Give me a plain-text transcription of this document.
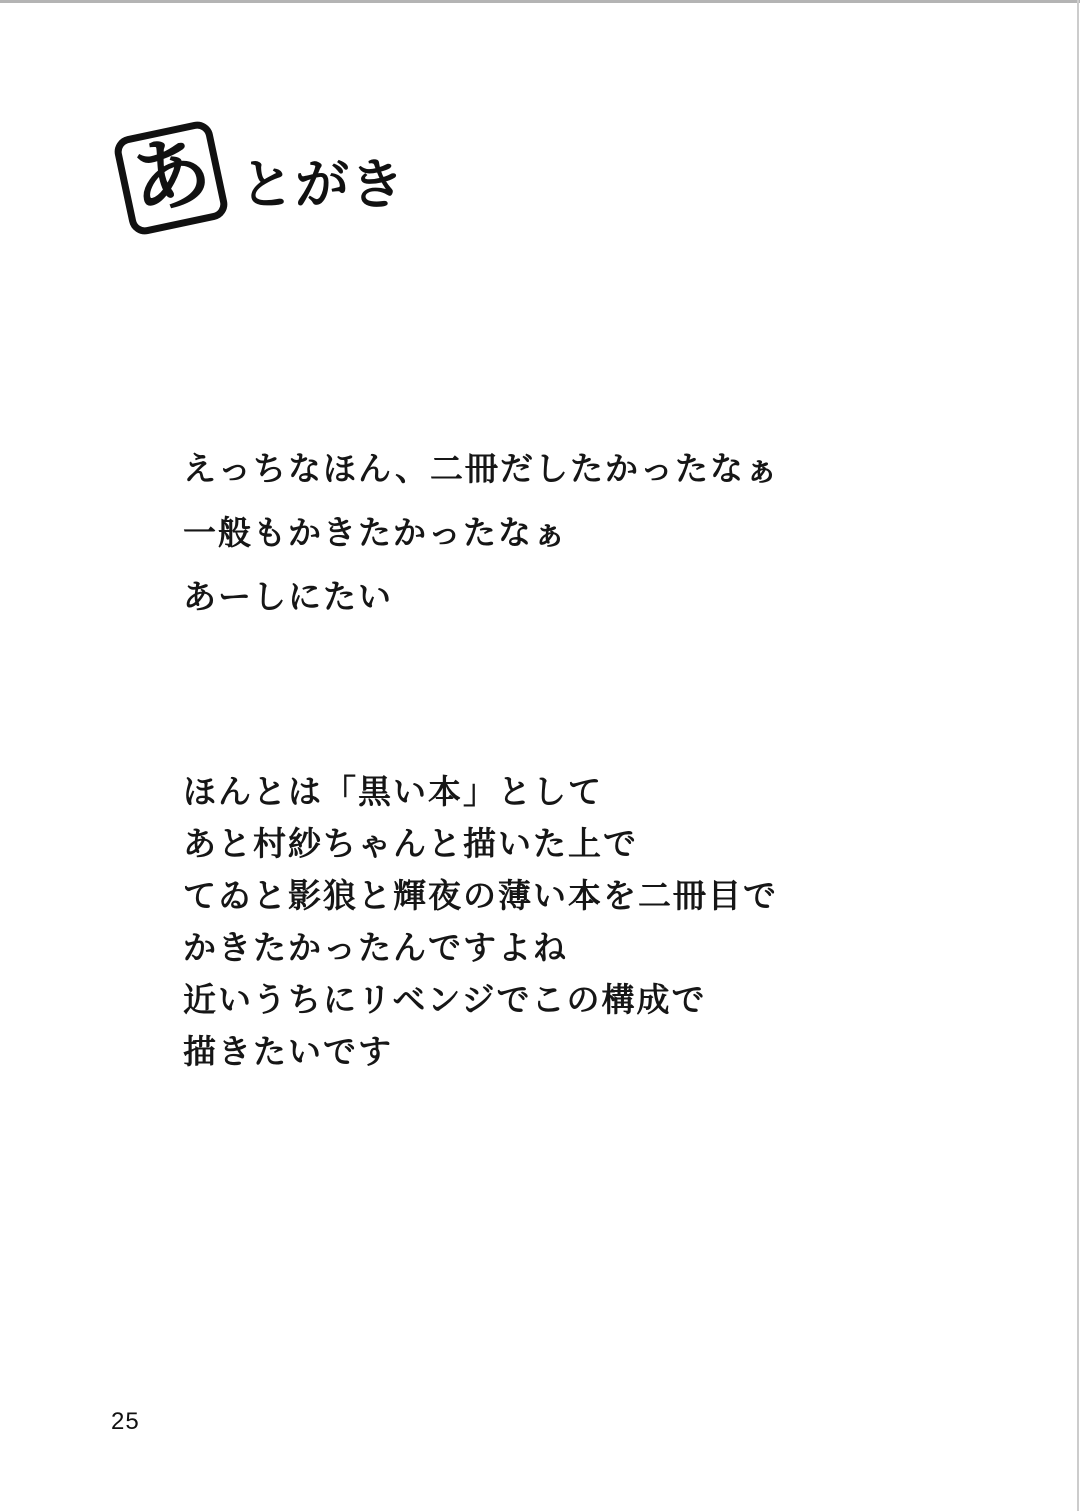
あ とがき
えっちなほん、二冊だしたかったなぁ
一般もかきたかったなぁ
あーしにたい
ほんとは「黒い本」として
あと村紗ちゃんと描いた上で
てゐと影狼と輝夜の薄い本を二冊目で
かきたかったんですよね
近いうちにリベンジでこの構成で
描きたいです
25
